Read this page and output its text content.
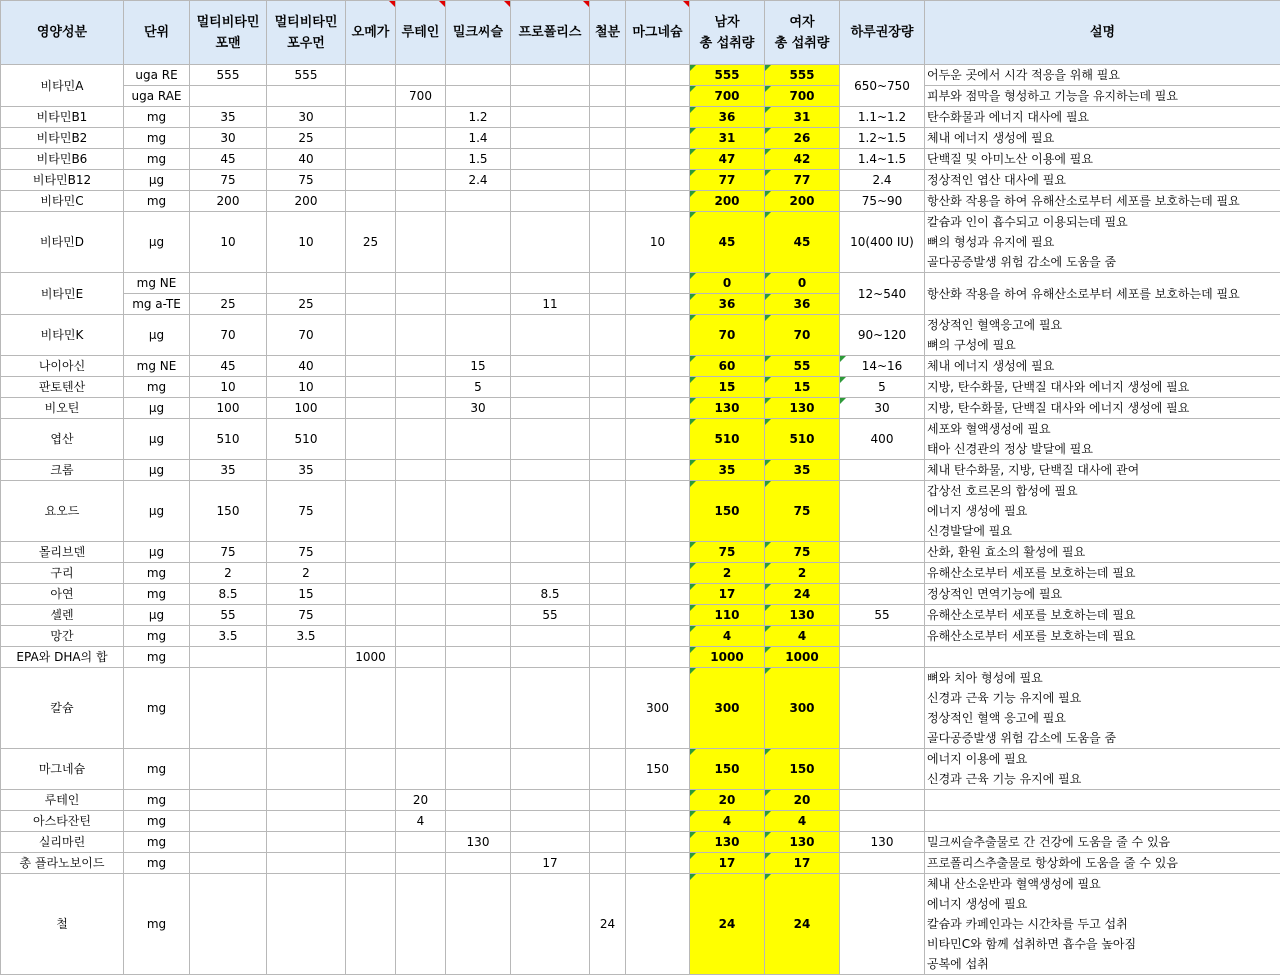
영양성분	단위	멀티비타민
포맨	멀티비타민
포우먼	오메가	루테인	밀크씨슬	프로폴리스	철분	마그네슘	남자
총 섭취량	여자
총 섭취량	하루권장량	설명
비타민A	uga RE	555	555							555	555	650~750	어두운 곳에서 시각 적응을 위해 필요
	uga RAE				700					700	700		피부와 점막을 형성하고 기능을 유지하는데 필요
비타민B1	mg	35	30			1.2				36	31	1.1~1.2	탄수화물과 에너지 대사에 필요
비타민B2	mg	30	25			1.4				31	26	1.2~1.5	체내 에너지 생성에 필요
비타민B6	mg	45	40			1.5				47	42	1.4~1.5	단백질 및 아미노산 이용에 필요
비타민B12	μg	75	75			2.4				77	77	2.4	정상적인 엽산 대사에 필요
비타민C	mg	200	200							200	200	75~90	항산화 작용을 하여 유해산소로부터 세포를 보호하는데 필요
비타민D	μg	10	10	25					10	45	45	10(400 IU)	칼슘과 인이 흡수되고 이용되는데 필요
뼈의 형성과 유지에 필요
골다공증발생 위험 감소에 도움을 줌

비타민E	mg NE									0	0	12~540	항산화 작용을 하여 유해산소로부터 세포를 보호하는데 필요
	mg a-TE	25	25				11			36	36		
비타민K	μg	70	70							70	70	90~120	정상적인 혈액응고에 필요
뼈의 구성에 필요

나이아신	mg NE	45	40			15				60	55	14~16	체내 에너지 생성에 필요
판토텐산	mg	10	10			5				15	15	5	지방, 탄수화물, 단백질 대사와 에너지 생성에 필요
비오틴	μg	100	100			30				130	130	30	지방, 탄수화물, 단백질 대사와 에너지 생성에 필요
엽산	μg	510	510							510	510	400	세포와 혈액생성에 필요
태아 신경관의 정상 발달에 필요

크롬	μg	35	35							35	35		체내 탄수화물, 지방, 단백질 대사에 관여
요오드	μg	150	75							150	75		갑상선 호르몬의 합성에 필요
에너지 생성에 필요
신경발달에 필요

몰리브덴	μg	75	75							75	75		산화, 환원 효소의 활성에 필요
구리	mg	2	2							2	2		유해산소로부터 세포를 보호하는데 필요
아연	mg	8.5	15				8.5			17	24		정상적인 면역기능에 필요
셀렌	μg	55	75				55			110	130	55	유해산소로부터 세포를 보호하는데 필요
망간	mg	3.5	3.5							4	4		유해산소로부터 세포를 보호하는데 필요
EPA와 DHA의 합	mg			1000						1000	1000		
칼슘	mg								300	300	300		뼈와 치아 형성에 필요
신경과 근육 기능 유지에 필요
정상적인 혈액 응고에 필요
골다공증발생 위험 감소에 도움을 줌

마그네슘	mg								150	150	150		에너지 이용에 필요
신경과 근육 기능 유지에 필요

루테인	mg				20					20	20		
아스타잔틴	mg				4					4	4		
실리마린	mg					130				130	130	130	밀크씨슬추출물로 간 건강에 도움을 줄 수 있음
총 플라노보이드	mg						17			17	17		프로폴리스추출물로 항상화에 도움을 줄 수 있음
철	mg							24		24	24		체내 산소운반과 혈액생성에 필요
에너지 생성에 필요
칼슘과 카페인과는 시간차를 두고 섭취
비타민C와 함께 섭취하면 흡수을 높아짐
공복에 섭취
